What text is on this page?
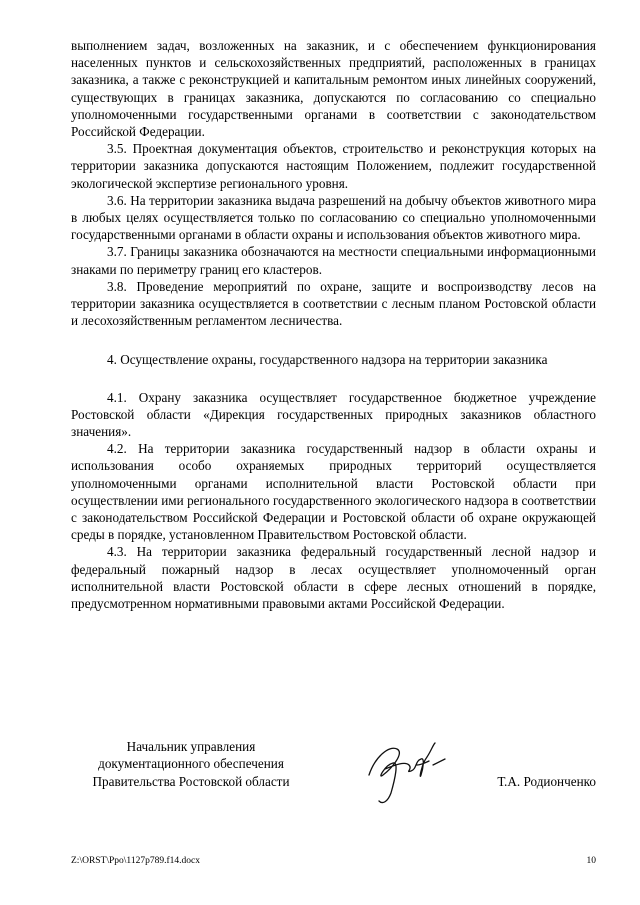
выполнением задач, возложенных на заказник, и с обеспечением функционирования населенных пунктов и сельскохозяйственных предприятий, расположенных в границах заказника, а также с реконструкцией и капитальным ремонтом иных линейных сооружений, существующих в границах заказника, допускаются по согласованию со специально уполномоченными государственными органами в соответствии с законодательством Российской Федерации.

3.5. Проектная документация объектов, строительство и реконструкция которых на территории заказника допускаются настоящим Положением, подлежит государственной экологической экспертизе регионального уровня.

3.6. На территории заказника выдача разрешений на добычу объектов животного мира в любых целях осуществляется только по согласованию со специально уполномоченными государственными органами в области охраны и использования объектов животного мира.

3.7. Границы заказника обозначаются на местности специальными информационными знаками по периметру границ его кластеров.

3.8. Проведение мероприятий по охране, защите и воспроизводству лесов на территории заказника осуществляется в соответствии с лесным планом Ростовской области и лесохозяйственным регламентом лесничества.

4. Осуществление охраны, государственного надзора на территории заказника

4.1. Охрану заказника осуществляет государственное бюджетное учреждение Ростовской области «Дирекция государственных природных заказников областного значения».

4.2. На территории заказника государственный надзор в области охраны и использования особо охраняемых природных территорий осуществляется уполномоченными органами исполнительной власти Ростовской области при осуществлении ими регионального государственного экологического надзора в соответствии с законодательством Российской Федерации и Ростовской области об охране окружающей среды в порядке, установленном Правительством Ростовской области.

4.3. На территории заказника федеральный государственный лесной надзор и федеральный пожарный надзор в лесах осуществляет уполномоченный орган исполнительной власти Ростовской области в сфере лесных отношений в порядке, предусмотренном нормативными правовыми актами Российской Федерации.

Начальник управления
документационного обеспечения
Правительства Ростовской области	Т.А. Родионченко
Z:\ORST\Ppo\1127p789.f14.docx	10
